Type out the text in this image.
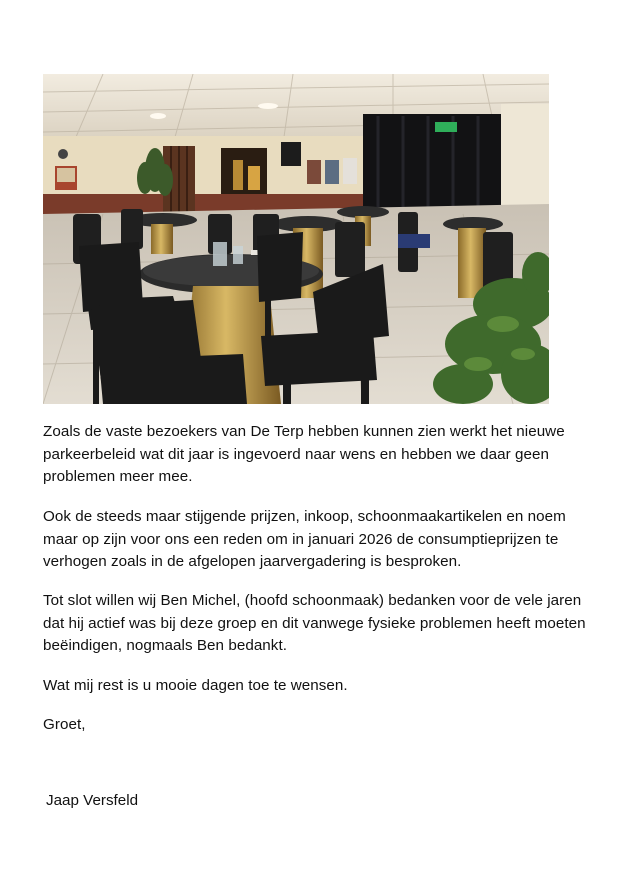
Zoals de vaste bezoekers van De Terp hebben kunnen zien werkt het nieuwe
parkeerbeleid wat dit jaar is ingevoerd naar wens en hebben we daar geen
problemen meer mee.

Ook de steeds maar stijgende prijzen, inkoop, schoonmaakartikelen en noem
maar op zijn voor ons een reden om in januari 2026 de consumptieprijzen te
verhogen zoals in de afgelopen jaarvergadering is besproken.

Tot slot willen wij Ben Michel, (hoofd schoonmaak) bedanken voor de vele jaren
dat hij actief was bij deze groep en dit vanwege fysieke problemen heeft moeten
beëindigen, nogmaals Ben bedankt.

Wat mij rest is u mooie dagen toe te wensen.

Groet,

Jaap Versfeld
